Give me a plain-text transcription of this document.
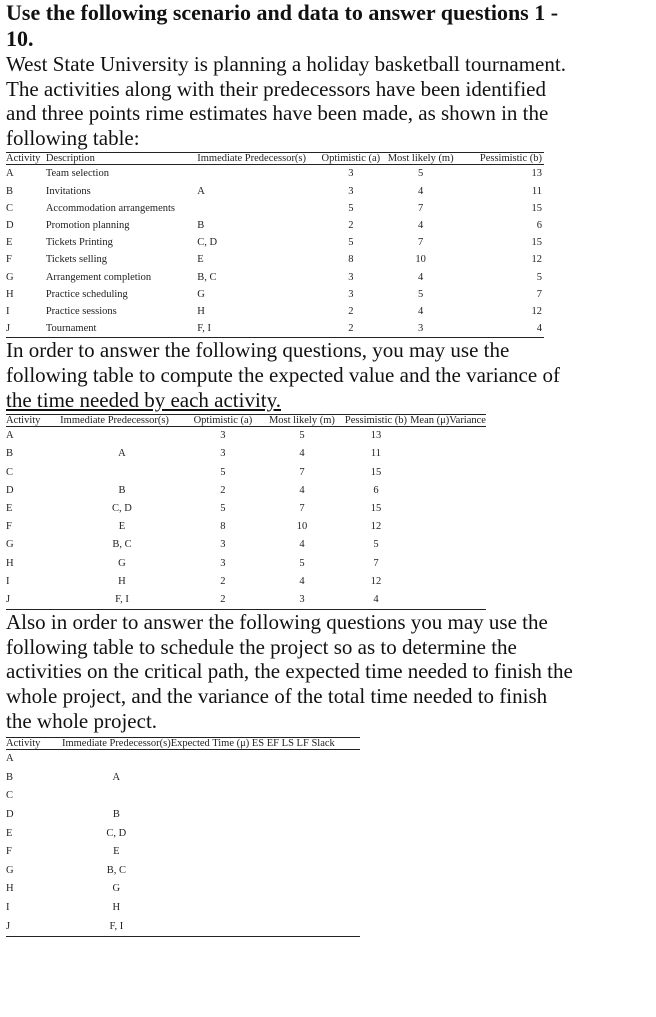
Use the following scenario and data to answer questions 1 -
10.

West State University is planning a holiday basketball tournament.
The activities along with their predecessors have been identified
and three points rime estimates have been made, as shown in the
following table:

Activity	Description	Immediate Predecessor(s)	Optimistic (a)	Most likely (m)	Pessimistic (b)
A	Team selection		3	5	13
B	Invitations	A	3	4	11
C	Accommodation arrangements		5	7	15
D	Promotion planning	B	2	4	6
E	Tickets Printing	C, D	5	7	15
F	Tickets selling	E	8	10	12
G	Arrangement completion	B, C	3	4	5
H	Practice scheduling	G	3	5	7
I	Practice sessions	H	2	4	12
J	Tournament	F, I	2	3	4

In order to answer the following questions, you may use the
following table to compute the expected value and the variance of
the time needed by each activity.

Activity	Immediate Predecessor(s)	Optimistic (a)	Most likely (m)	Pessimistic (b)	Mean (μ)	Variance
A		3	5	13		
B	A	3	4	11		
C		5	7	15		
D	B	2	4	6		
E	C, D	5	7	15		
F	E	8	10	12		
G	B, C	3	4	5		
H	G	3	5	7		
I	H	2	4	12		
J	F, I	2	3	4		

Also in order to answer the following questions you may use the
following table to schedule the project so as to determine the
activities on the critical path, the expected time needed to finish the
whole project, and the variance of the total time needed to finish
the whole project.

Activity	Immediate Predecessor(s)	Expected Time (μ) ES EF LS LF Slack
A		
B	A	
C		
D	B	
E	C, D	
F	E	
G	B, C	
H	G	
I	H	
J	F, I	
